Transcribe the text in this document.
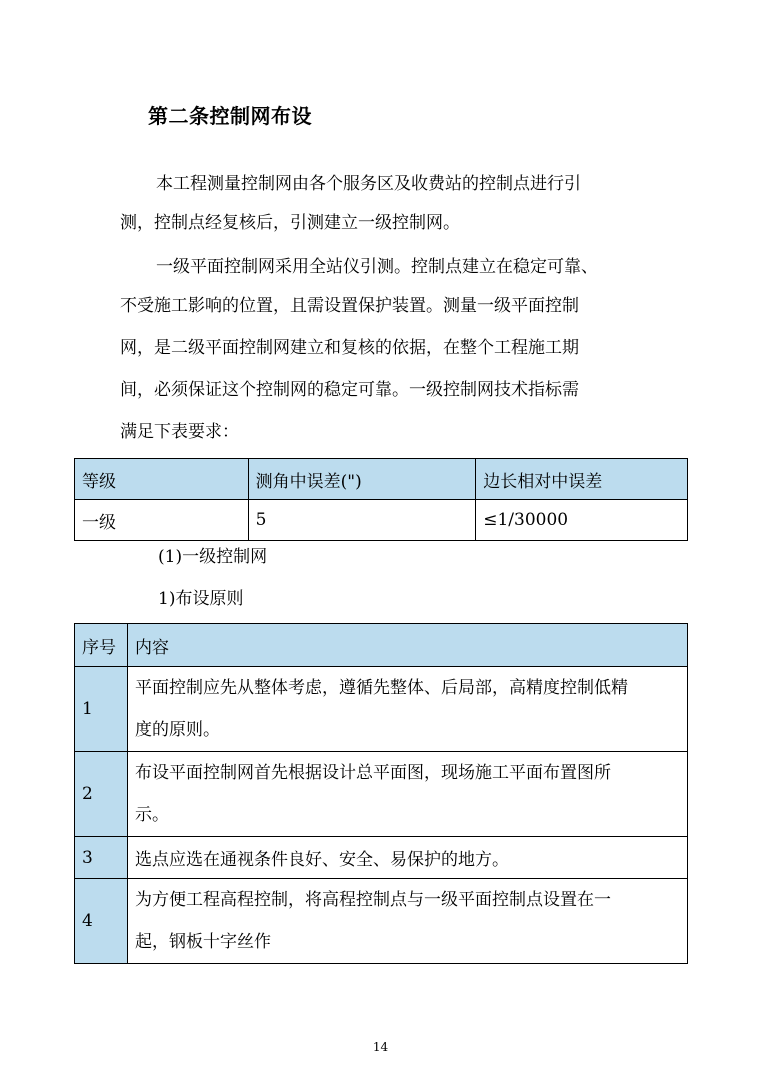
第二条控制网布设
本工程测量控制网由各个服务区及收费站的控制点进行引
测，控制点经复核后，引测建立一级控制网。
一级平面控制网采用全站仪引测。控制点建立在稳定可靠、
不受施工影响的位置，且需设置保护装置。测量一级平面控制
网，是二级平面控制网建立和复核的依据，在整个工程施工期
间，必须保证这个控制网的稳定可靠。一级控制网技术指标需
满足下表要求：
等级	测角中误差(")	边长相对中误差
一级	5	≤1/30000
(1)一级控制网
1)布设原则
序号	内容
1	平面控制应先从整体考虑，遵循先整体、后局部，高精度控制低精
度的原则。

2	布设平面控制网首先根据设计总平面图，现场施工平面布置图所
示。

3	选点应选在通视条件良好、安全、易保护的地方。
4	为方便工程高程控制，将高程控制点与一级平面控制点设置在一
起，钢板十字丝作
14
